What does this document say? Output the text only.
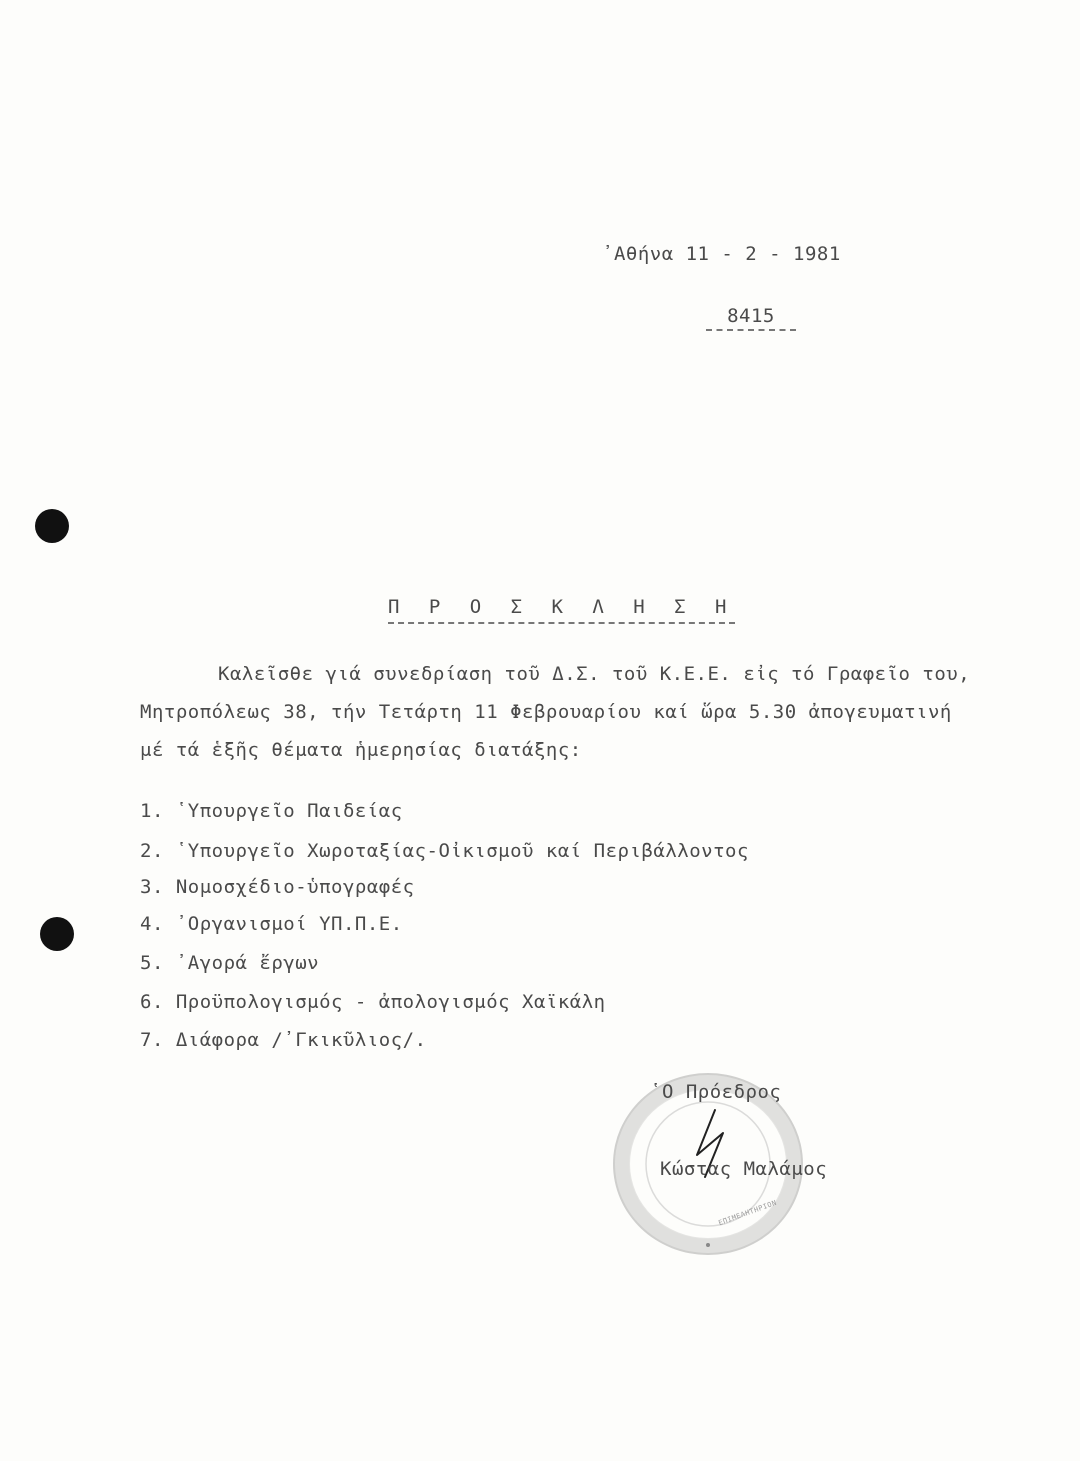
᾿Αθήνα 11 - 2 - 1981
8415
Π Ρ Ο Σ Κ Λ Η Σ Η
Καλεῖσθε γιά συνεδρίαση τοῦ Δ.Σ. τοῦ Κ.Ε.Ε. εἰς τό Γραφεῖο του,
Μητροπόλεως 38, τήν Τετάρτη 11 Φεβρουαρίου καί ὥρα 5.30 ἀπογευματινή
μέ τά ἑξῆς θέματα ἡμερησίας διατάξης:
1. ῾Υπουργεῖο Παιδείας
2. ῾Υπουργεῖο Χωροταξίας-Οἰκισμοῦ καί Περιβάλλοντος
3. Νομοσχέδιο-ὑπογραφές
4. ᾿Οργανισμοί ΥΠ.Π.Ε.
5. ᾿Αγορά ἔργων
6. Προϋπολογισμός - ἀπολογισμός Χαϊκάλη
7. Διάφορα /᾿Γκικῦλιος/.
ΕΠΙΜΕΛΗΤΗΡΙΟΝ
῾Ο Πρόεδρος
Κώστας Μαλάμος
